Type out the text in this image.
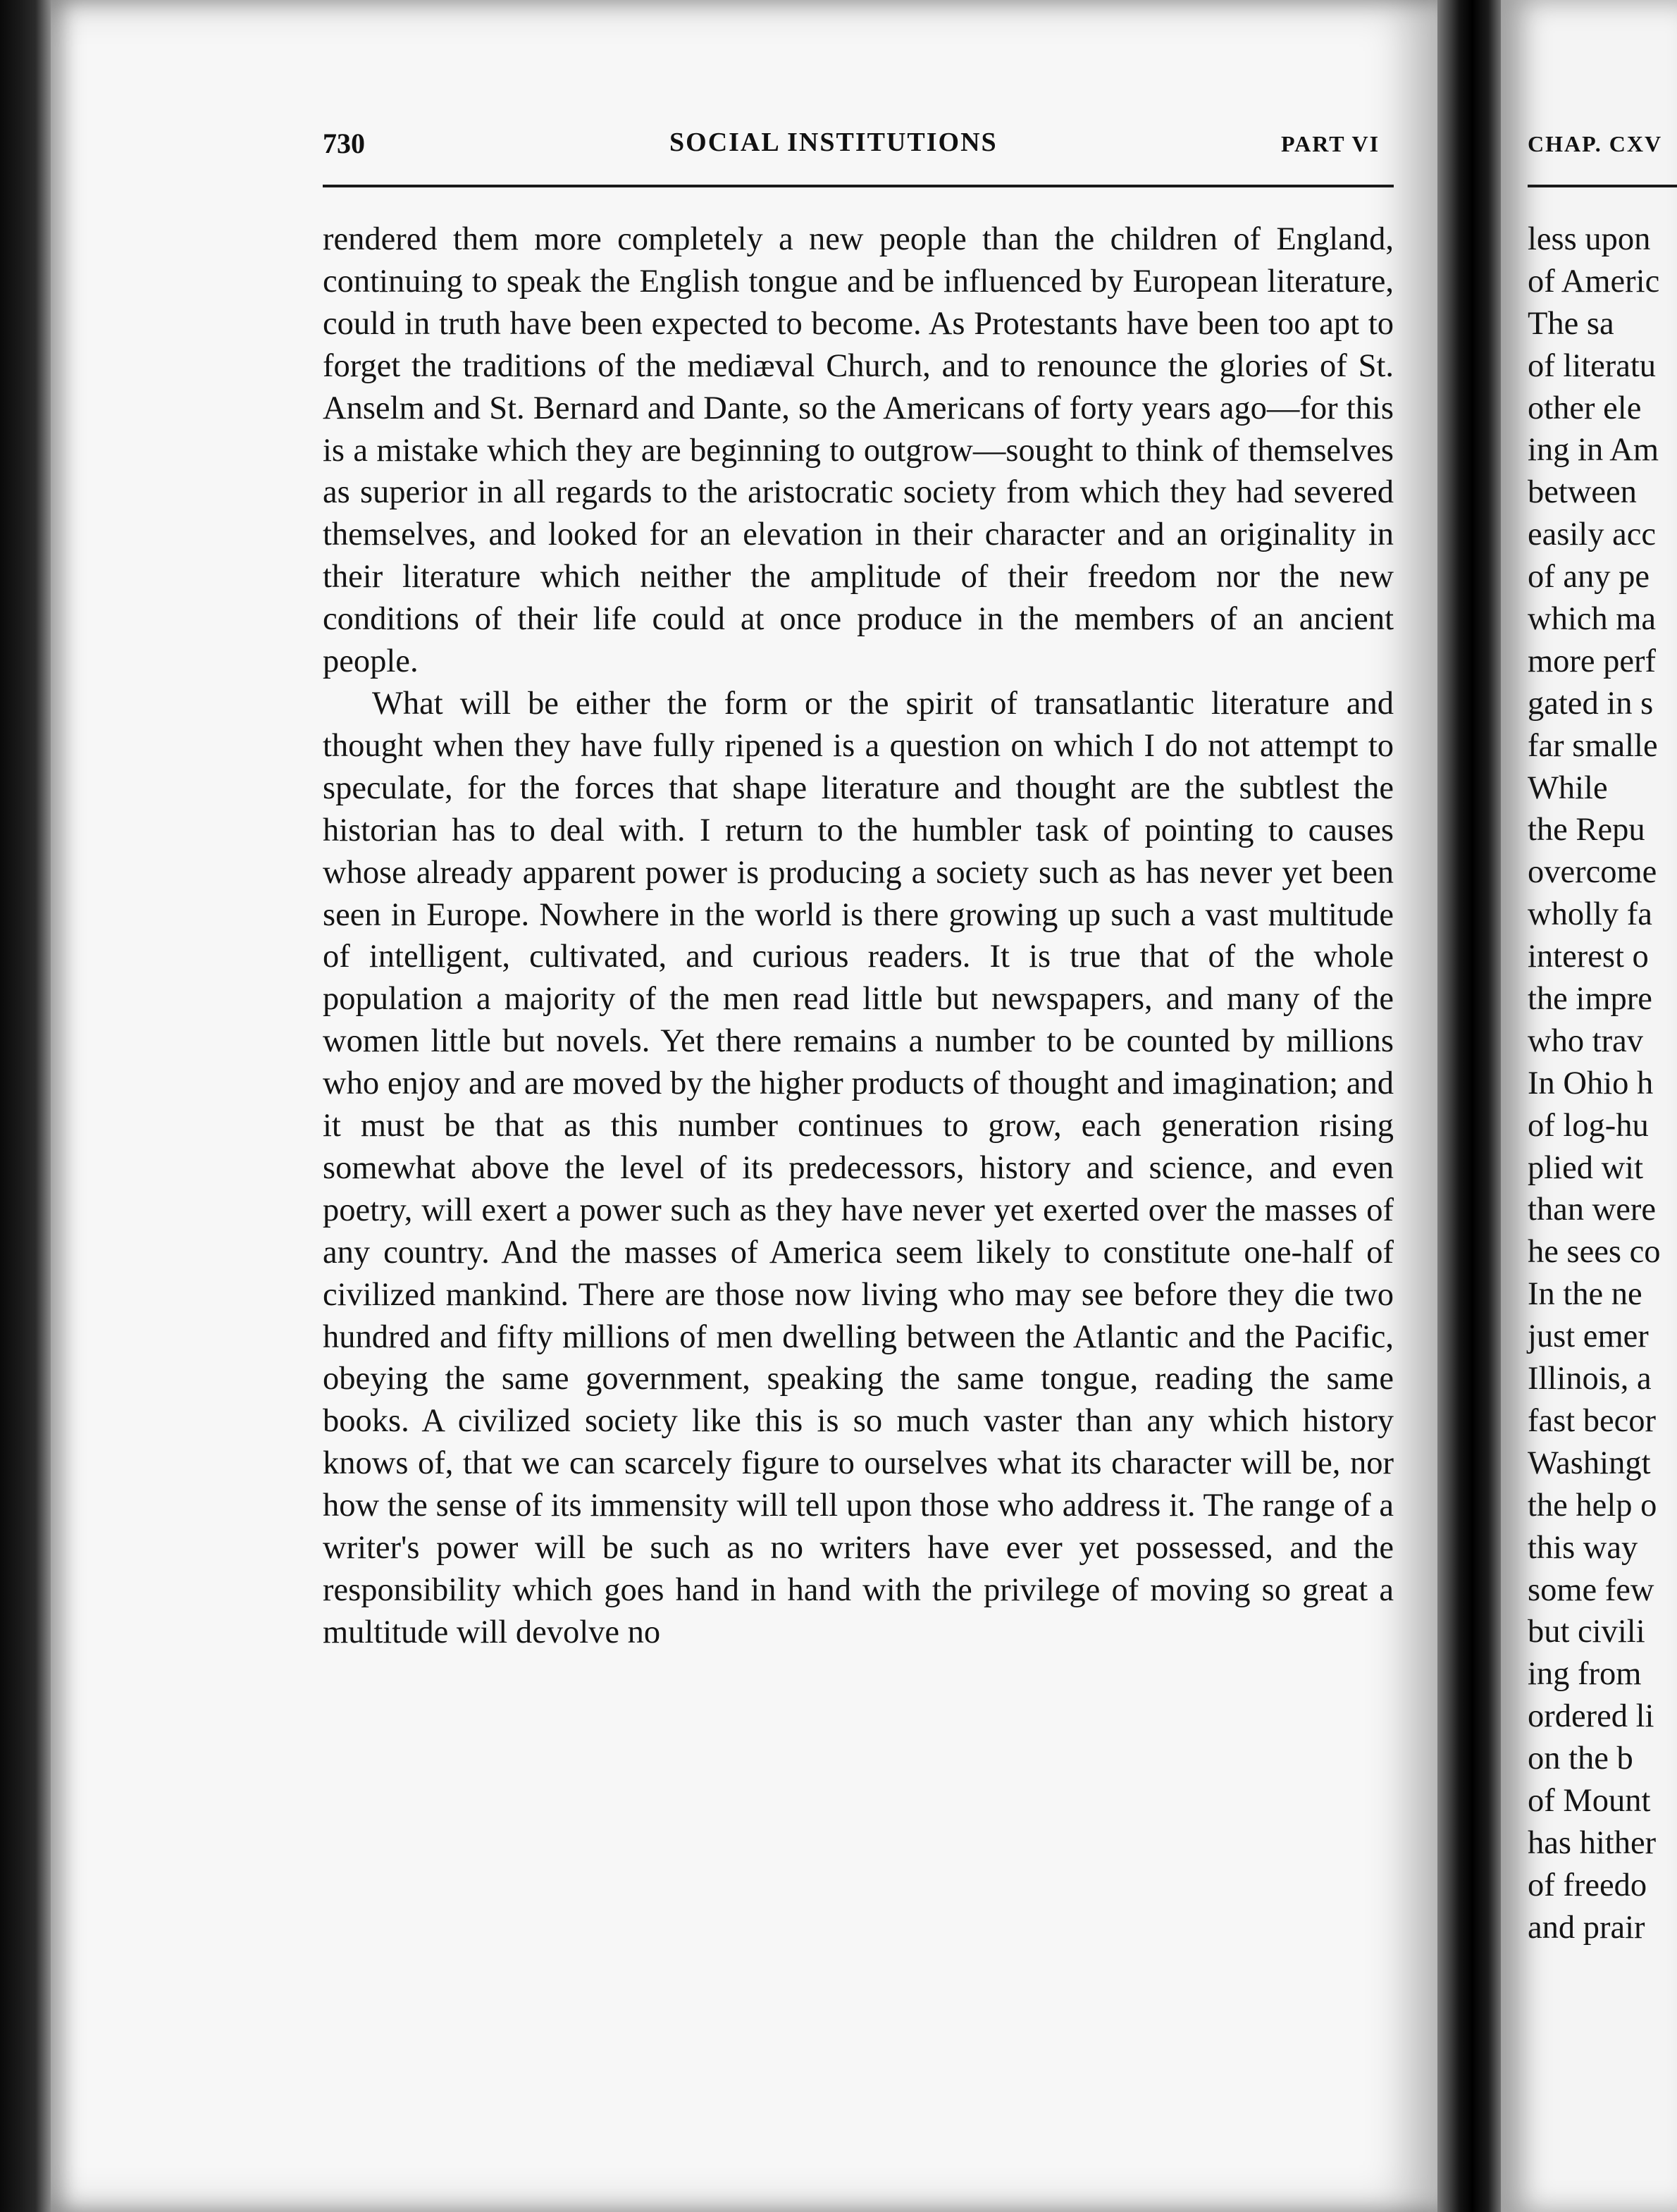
730	SOCIAL INSTITUTIONS	PART VI

rendered them more completely a new people than the children of England, continuing to speak the English tongue and be influenced by European literature, could in truth have been expected to become. As Protestants have been too apt to forget the traditions of the mediæval Church, and to renounce the glories of St. Anselm and St. Bernard and Dante, so the Americans of forty years ago—for this is a mistake which they are beginning to outgrow—sought to think of themselves as superior in all regards to the aristocratic society from which they had severed themselves, and looked for an elevation in their character and an originality in their literature which neither the amplitude of their freedom nor the new conditions of their life could at once produce in the members of an ancient people.

What will be either the form or the spirit of transatlantic literature and thought when they have fully ripened is a question on which I do not attempt to speculate, for the forces that shape literature and thought are the subtlest the historian has to deal with. I return to the humbler task of pointing to causes whose already apparent power is producing a society such as has never yet been seen in Europe. Nowhere in the world is there growing up such a vast multitude of intelligent, cultivated, and curious readers. It is true that of the whole population a majority of the men read little but newspapers, and many of the women little but novels. Yet there remains a number to be counted by millions who enjoy and are moved by the higher products of thought and imagination; and it must be that as this number continues to grow, each generation rising somewhat above the level of its predecessors, history and science, and even poetry, will exert a power such as they have never yet exerted over the masses of any country. And the masses of America seem likely to constitute one-half of civilized mankind. There are those now living who may see before they die two hundred and fifty millions of men dwelling between the Atlantic and the Pacific, obeying the same government, speaking the same tongue, reading the same books. A civilized society like this is so much vaster than any which history knows of, that we can scarcely figure to ourselves what its character will be, nor how the sense of its immensity will tell upon those who address it. The range of a writer's power will be such as no writers have ever yet possessed, and the responsibility which goes hand in hand with the privilege of moving so great a multitude will devolve no

CHAP. CXV
less upon
of Americ
The sa
of literatu
other ele
ing in Am
between
easily acc
of any pe
which ma
more perf
gated in s
far smalle
While
the Repu
overcome
wholly fa
interest o
the impre
who trav
In Ohio h
of log-hu
plied wit
than were
he sees co
In the ne
just emer
Illinois, a
fast becor
Washingt
the help o
this way
some few
but civili
ing from
ordered li
on the b
of Mount
has hither
of freedo
and prair
